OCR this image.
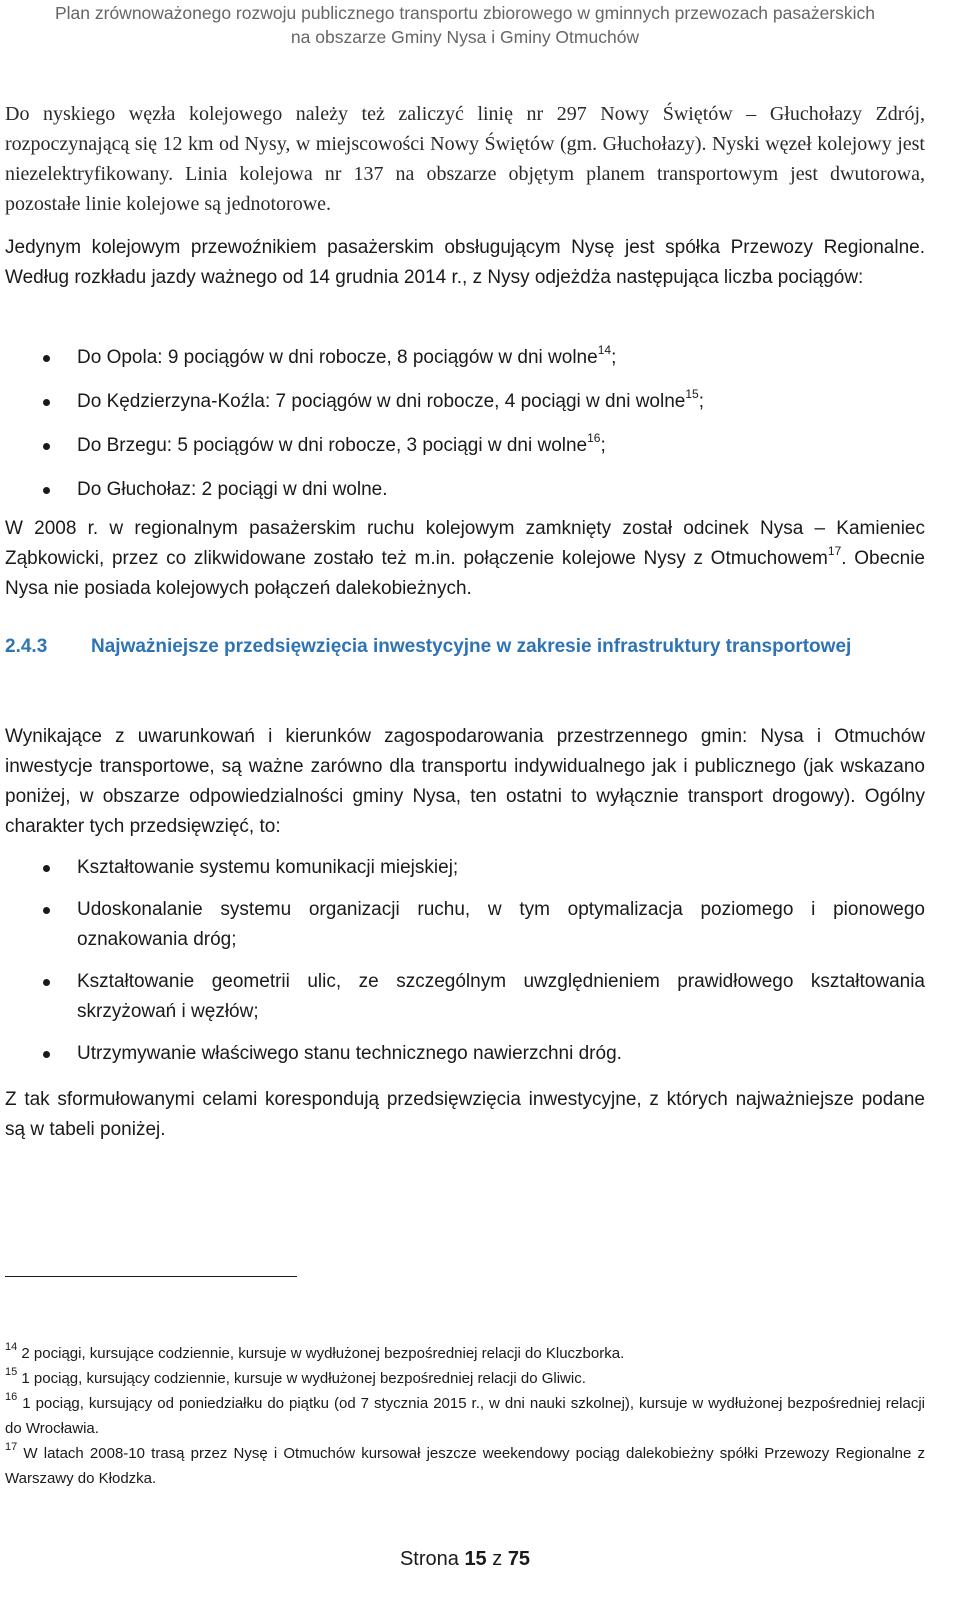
Plan zrównoważonego rozwoju publicznego transportu zbiorowego w gminnych przewozach pasażerskich
na obszarze Gminy Nysa i Gminy Otmuchów
Do nyskiego węzła kolejowego należy też zaliczyć linię nr 297 Nowy Świętów – Głuchołazy Zdrój, rozpoczynającą się 12 km od Nysy, w miejscowości Nowy Świętów (gm. Głuchołazy). Nyski węzeł kolejowy jest niezelektryfikowany. Linia kolejowa nr 137 na obszarze objętym planem transportowym jest dwutorowa, pozostałe linie kolejowe są jednotorowe.
Jedynym kolejowym przewoźnikiem pasażerskim obsługującym Nysę jest spółka Przewozy Regionalne. Według rozkładu jazdy ważnego od 14 grudnia 2014 r., z Nysy odjeżdża następująca liczba pociągów:
Do Opola: 9 pociągów w dni robocze, 8 pociągów w dni wolne$^{14}$;
Do Kędzierzyna-Koźla: 7 pociągów w dni robocze, 4 pociągi w dni wolne$^{15}$;
Do Brzegu: 5 pociągów w dni robocze, 3 pociągi w dni wolne$^{16}$;
Do Głuchołaz: 2 pociągi w dni wolne.
W 2008 r. w regionalnym pasażerskim ruchu kolejowym zamknięty został odcinek Nysa – Kamieniec Ząbkowicki, przez co zlikwidowane zostało też m.in. połączenie kolejowe Nysy z Otmuchowem$^{17}$. Obecnie Nysa nie posiada kolejowych połączeń dalekobieżnych.
2.4.3 Najważniejsze przedsięwzięcia inwestycyjne w zakresie infrastruktury transportowej
Wynikające z uwarunkowań i kierunków zagospodarowania przestrzennego gmin: Nysa i Otmuchów inwestycje transportowe, są ważne zarówno dla transportu indywidualnego jak i publicznego (jak wskazano poniżej, w obszarze odpowiedzialności gminy Nysa, ten ostatni to wyłącznie transport drogowy). Ogólny charakter tych przedsięwzięć, to:
Kształtowanie systemu komunikacji miejskiej;
Udoskonalanie systemu organizacji ruchu, w tym optymalizacja poziomego i pionowego oznakowania dróg;
Kształtowanie geometrii ulic, ze szczególnym uwzględnieniem prawidłowego kształtowania skrzyżowań i węzłów;
Utrzymywanie właściwego stanu technicznego nawierzchni dróg.
Z tak sformułowanymi celami korespondują przedsięwzięcia inwestycyjne, z których najważniejsze podane są w tabeli poniżej.
$^{14}$ 2 pociągi, kursujące codziennie, kursuje w wydłużonej bezpośredniej relacji do Kluczborka.
$^{15}$ 1 pociąg, kursujący codziennie, kursuje w wydłużonej bezpośredniej relacji do Gliwic.
$^{16}$ 1 pociąg, kursujący od poniedziałku do piątku (od 7 stycznia 2015 r., w dni nauki szkolnej), kursuje w wydłużonej bezpośredniej relacji do Wrocławia.
$^{17}$ W latach 2008-10 trasą przez Nysę i Otmuchów kursował jeszcze weekendowy pociąg dalekobieżny spółki Przewozy Regionalne z Warszawy do Kłodzka.
Strona 15 z 75
